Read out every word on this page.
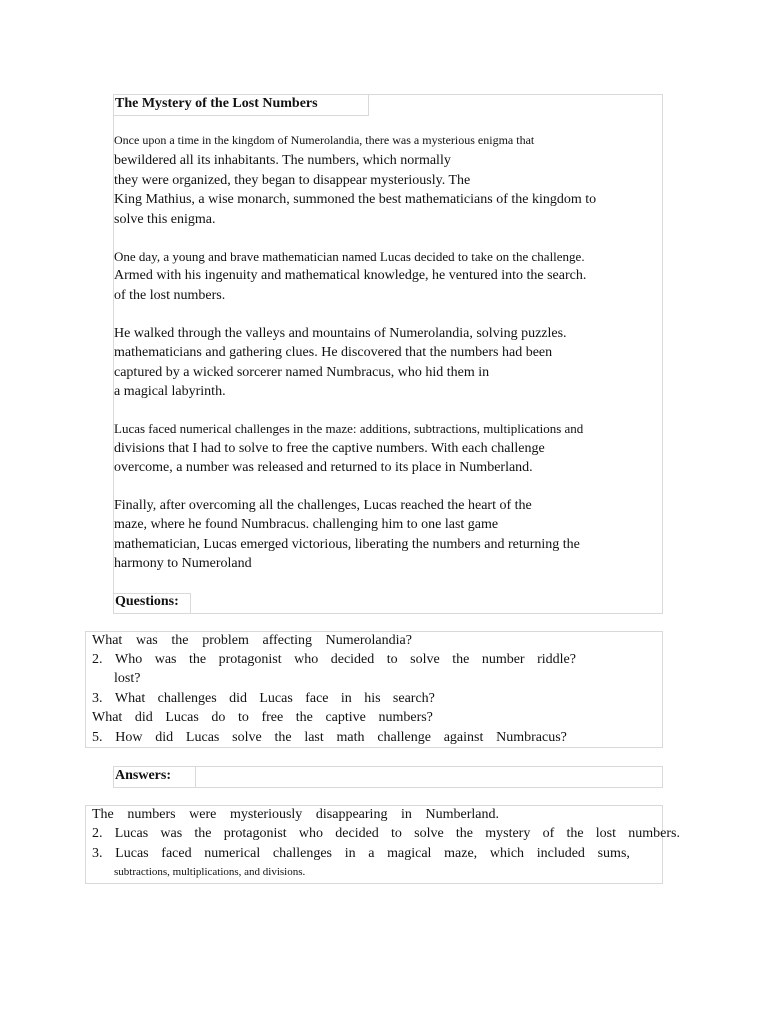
The Mystery of the Lost Numbers
Once upon a time in the kingdom of Numerolandia, there was a mysterious enigma that
bewildered all its inhabitants. The numbers, which normally
they were organized, they began to disappear mysteriously. The
King Mathius, a wise monarch, summoned the best mathematicians of the kingdom to
solve this enigma.
One day, a young and brave mathematician named Lucas decided to take on the challenge.
Armed with his ingenuity and mathematical knowledge, he ventured into the search.
of the lost numbers.
He walked through the valleys and mountains of Numerolandia, solving puzzles.
mathematicians and gathering clues. He discovered that the numbers had been
captured by a wicked sorcerer named Numbracus, who hid them in
a magical labyrinth.
Lucas faced numerical challenges in the maze: additions, subtractions, multiplications and
divisions that I had to solve to free the captive numbers. With each challenge
overcome, a number was released and returned to its place in Numberland.
Finally, after overcoming all the challenges, Lucas reached the heart of the
maze, where he found Numbracus. challenging him to one last game
mathematician, Lucas emerged victorious, liberating the numbers and returning the
harmony to Numeroland
Questions:
What was the problem affecting Numerolandia?
2. Who was the protagonist who decided to solve the number riddle?
lost?
3. What challenges did Lucas face in his search?
What did Lucas do to free the captive numbers?
5. How did Lucas solve the last math challenge against Numbracus?
Answers:
The numbers were mysteriously disappearing in Numberland.
2. Lucas was the protagonist who decided to solve the mystery of the lost numbers.
3. Lucas faced numerical challenges in a magical maze, which included sums,
subtractions, multiplications, and divisions.
